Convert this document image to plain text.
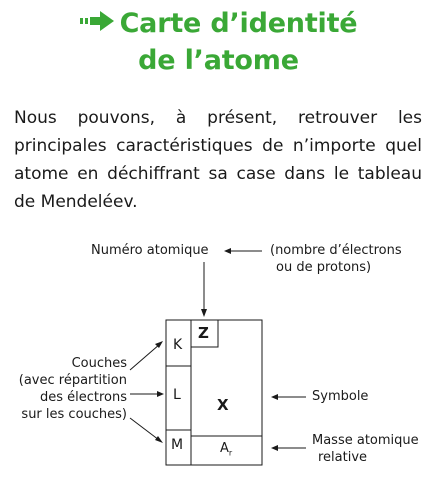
Carte d’identité
de l’atome
Nous pouvons, à présent, retrouver les principales caractéristiques de n’importe quel atome en déchiffrant sa case dans le tableau de Mendeléev.
Numéro atomique	(nombre d’électrons
ou de protons)
Couches
(avec répartition
des électrons
sur les couches)
Symbole
Masse atomique
relative
K
L
M
Z
X
$A_r$
